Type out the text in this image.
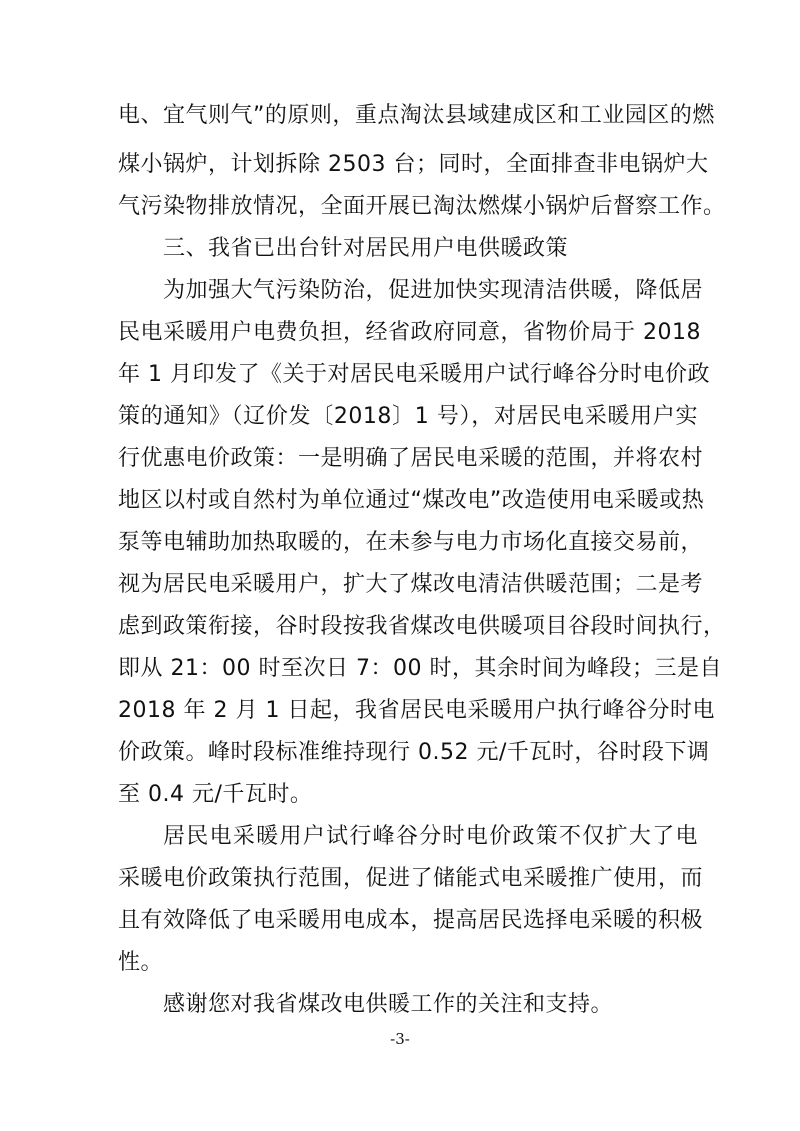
电、宜气则气”的原则，重点淘汰县域建成区和工业园区的燃
煤小锅炉，计划拆除 2503 台；同时，全面排查非电锅炉大
气污染物排放情况，全面开展已淘汰燃煤小锅炉后督察工作。
三、我省已出台针对居民用户电供暖政策
为加强大气污染防治，促进加快实现清洁供暖，降低居
民电采暖用户电费负担，经省政府同意，省物价局于 2018
年 1 月印发了《关于对居民电采暖用户试行峰谷分时电价政
策的通知》（辽价发〔2018〕1 号），对居民电采暖用户实
行优惠电价政策：一是明确了居民电采暖的范围，并将农村
地区以村或自然村为单位通过“煤改电”改造使用电采暖或热
泵等电辅助加热取暖的，在未参与电力市场化直接交易前，
视为居民电采暖用户，扩大了煤改电清洁供暖范围；二是考
虑到政策衔接，谷时段按我省煤改电供暖项目谷段时间执行，
即从 21：00 时至次日 7：00 时，其余时间为峰段；三是自
2018 年 2 月 1 日起，我省居民电采暖用户执行峰谷分时电
价政策。峰时段标准维持现行 0.52 元/千瓦时，谷时段下调
至 0.4 元/千瓦时。
居民电采暖用户试行峰谷分时电价政策不仅扩大了电
采暖电价政策执行范围，促进了储能式电采暖推广使用，而
且有效降低了电采暖用电成本，提高居民选择电采暖的积极
性。
感谢您对我省煤改电供暖工作的关注和支持。
-3-
